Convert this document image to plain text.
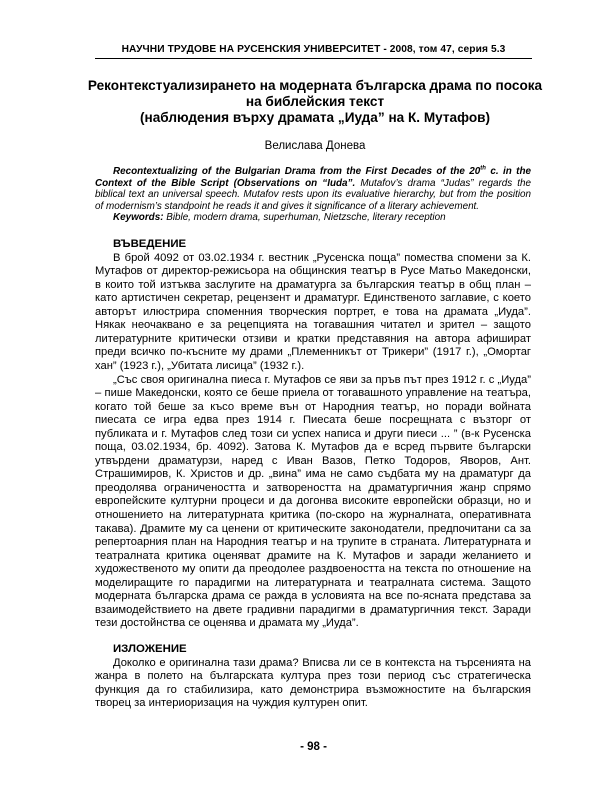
НАУЧНИ ТРУДОВЕ НА РУСЕНСКИЯ УНИВЕРСИТЕТ - 2008, том 47, серия 5.3
Реконтекстуализирането на модерната българска драма по посока
на библейския текст
(наблюдения върху драмата „Иуда” на К. Мутафов)
Велислава Донева

Recontextualizing of the Bulgarian Drama from the First Decades of the 20th c. in the Context of the Bible Script (Observations on “Iuda”. Mutafov’s drama “Judas” regards the biblical text an universal speech. Mutafov rests upon its evaluative hierarchy, but from the position of modernism’s standpoint he reads it and gives it significance of a literary achievement.

Keywords: Bible, modern drama, superhuman, Nietzsche, literary reception

ВЪВЕДЕНИЕ

В брой 4092 от 03.02.1934 г. вестник „Русенска поща” помества спомени за К. Мутафов от директор-режисьора на общинския театър в Русе Матьо Македонски, в които той изтъква заслугите на драматурга за българския театър в общ план – като артистичен секретар, рецензент и драматург. Единственото заглавие, с което авторът илюстрира споменния творческия портрет, е това на драмата „Иуда”. Някак неочаквано е за рецепцията на тогавашния читател и зрител – защото литературните критически отзиви и кратки представяния на автора афишират преди всичко по-късните му драми „Племенникът от Трикери” (1917 г.), „Омортаг хан” (1923 г.), „Убитата лисица” (1932 г.).

„Със своя оригинална пиеса г. Мутафов се яви за пръв път през 1912 г. с „Иуда” – пише Македонски, която се беше приела от тогавашното управление на театъра, когато той беше за късо време вън от Народния театър, но поради войната пиесата се игра едва през 1914 г. Пиесата беше посрещната с възторг от публиката и г. Мутафов след този си успех написа и други пиеси ... ” (в-к Русенска поща, 03.02.1934, бр. 4092). Затова К. Мутафов да е всред първите български утвърдени драматурзи, наред с Иван Вазов, Петко Тодоров, Яворов, Ант. Страшимиров, К. Христов и др. „вина” има не само съдбата му на драматург да преодолява ограничеността и затвореността на драматургичния жанр спрямо европейските културни процеси и да догонва високите европейски образци, но и отношението на литературната критика (по-скоро на журналната, оперативната такава). Драмите му са ценени от критическите законодатели, предпочитани са за репертоарния план на Народния театър и на трупите в страната. Литературната и театралната критика оценяват драмите на К. Мутафов и заради желанието и художественото му опити да преодолее раздвоеността на текста по отношение на моделиращите го парадигми на литературната и театралната система. Защото модерната българска драма се ражда в условията на все по-ясната представа за взаимодействието на двете градивни парадигми в драматургичния текст. Заради тези достойнства се оценява и драмата му „Иуда”.

ИЗЛОЖЕНИЕ

Доколко е оригинална тази драма? Вписва ли се в контекста на търсенията на жанра в полето на българската култура през този период със стратегическа функция да го стабилизира, като демонстрира възможностите на българския творец за интериоризация на чуждия културен опит.

- 98 -
